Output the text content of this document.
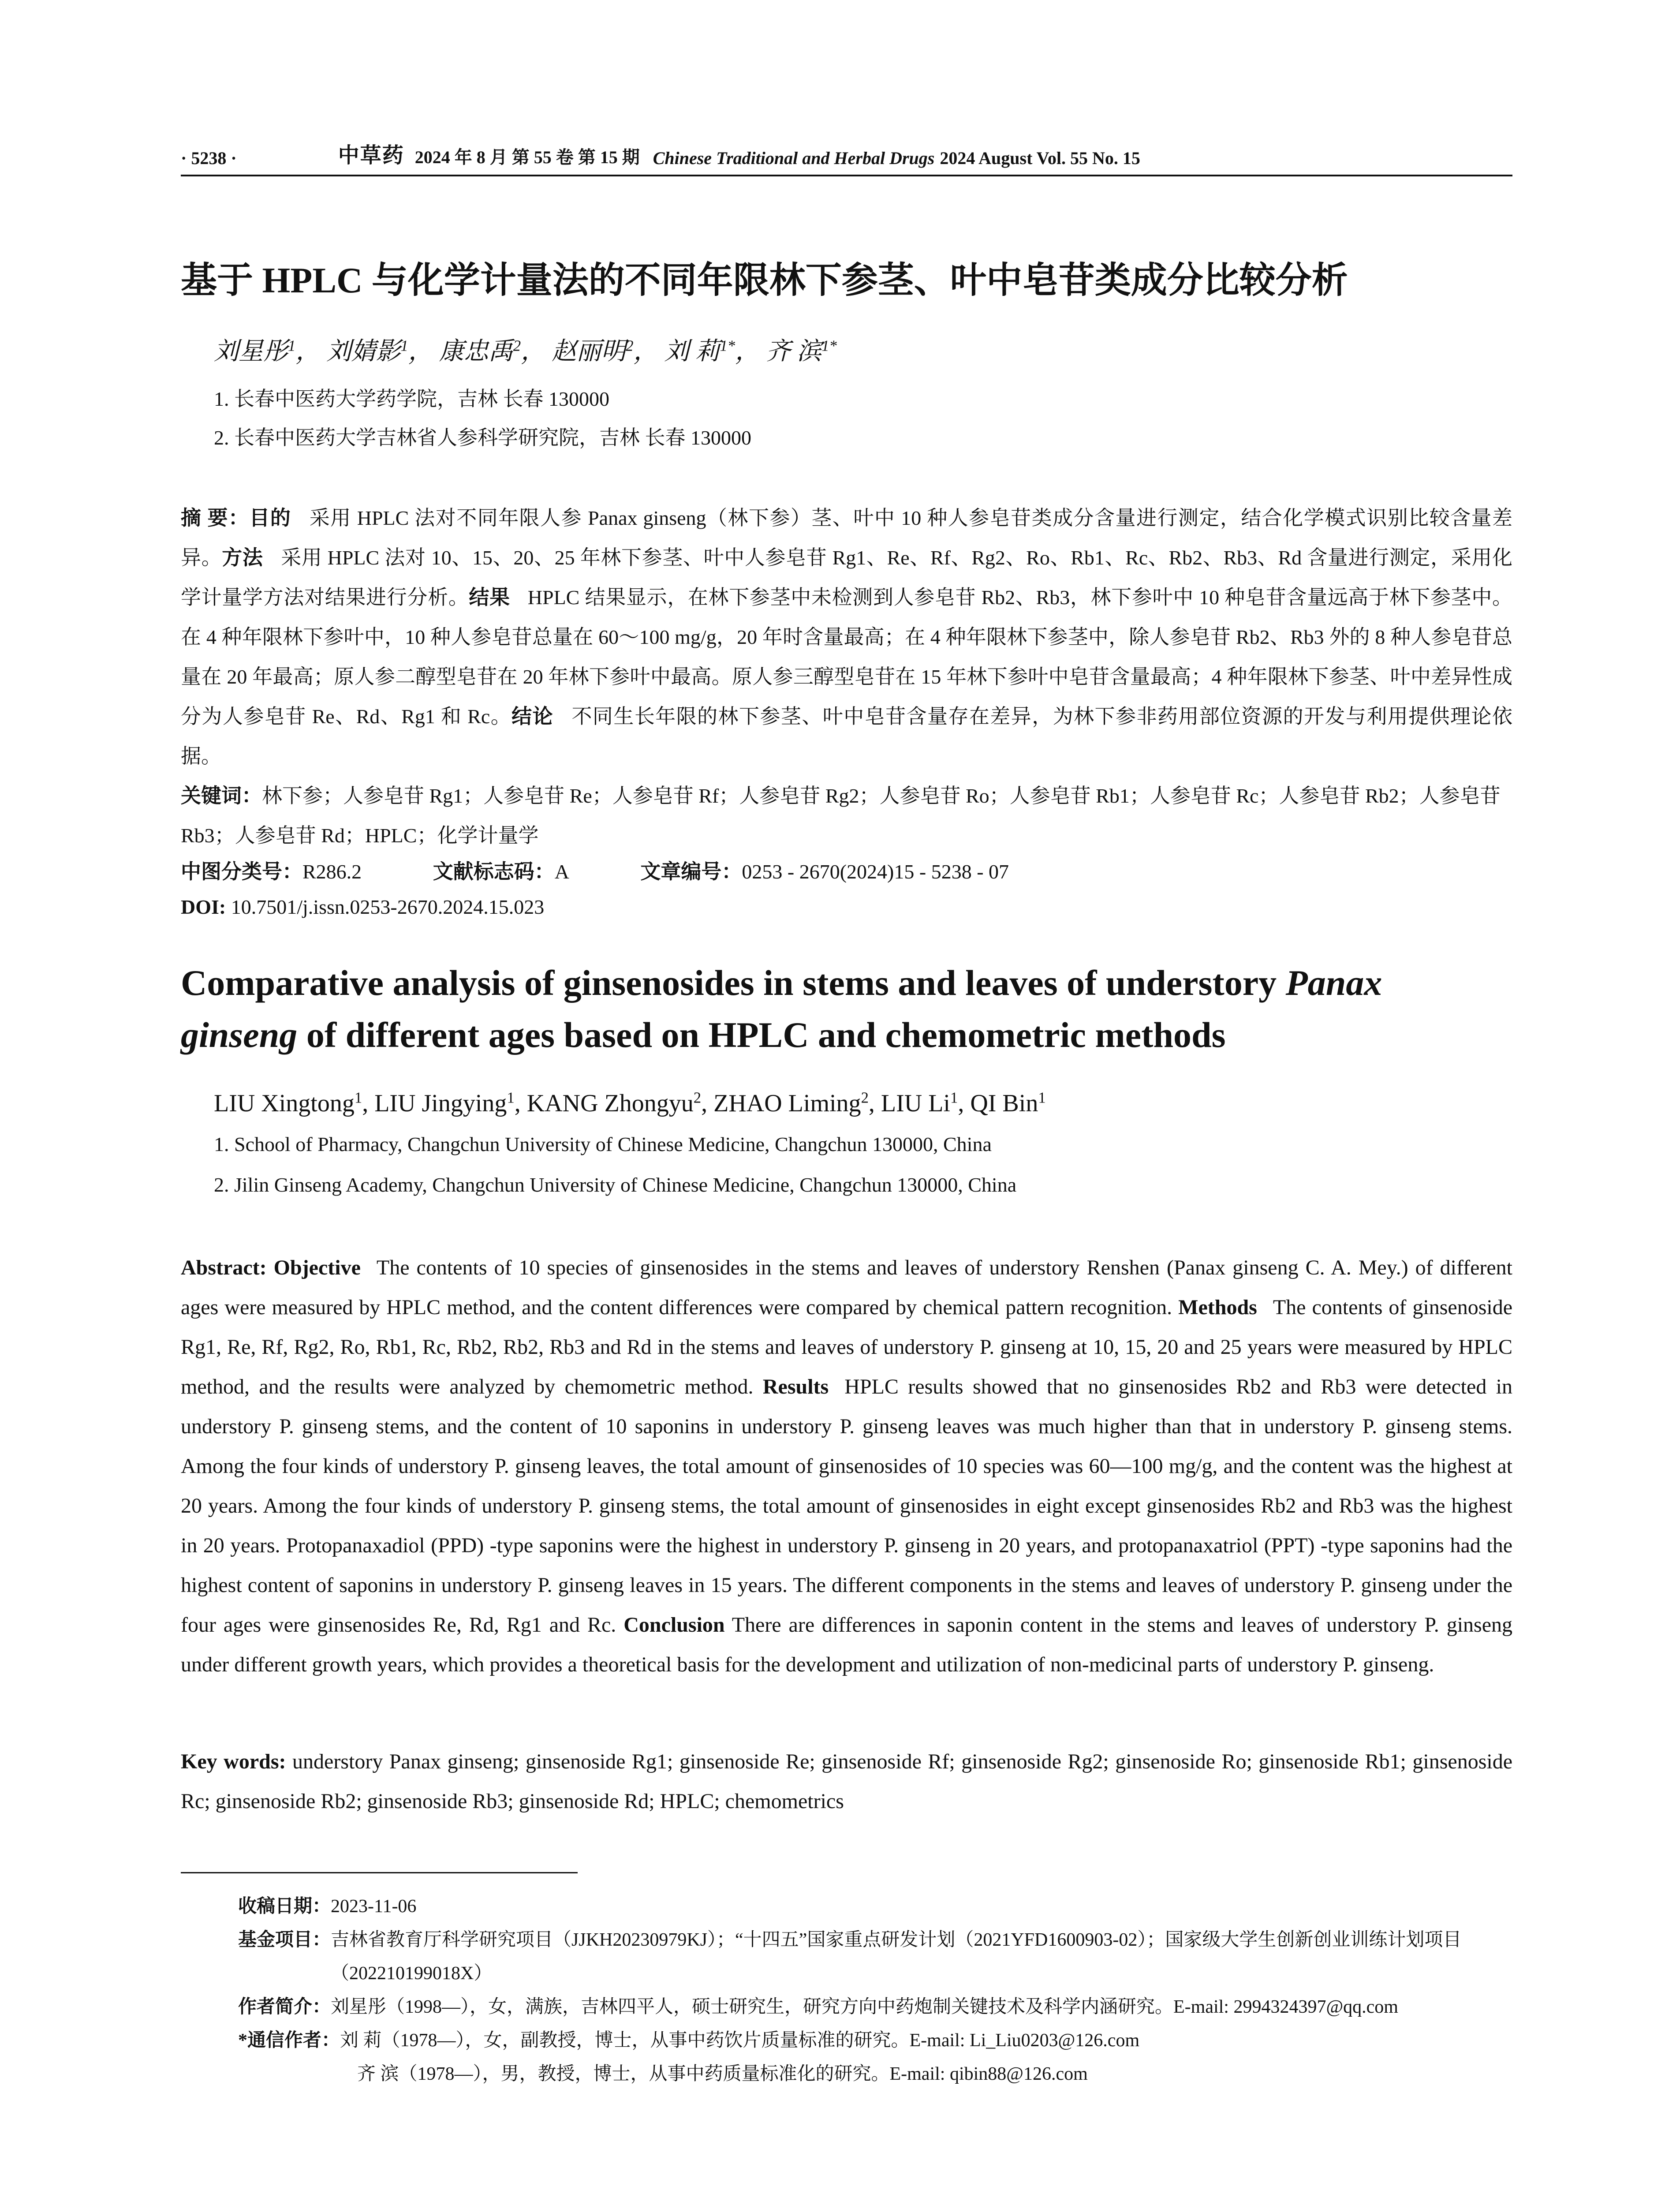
· 5238 ·	中草药 2024 年 8 月 第 55 卷 第 15 期 Chinese Traditional and Herbal Drugs 2024 August Vol. 55 No. 15
基于 HPLC 与化学计量法的不同年限林下参茎、叶中皂苷类成分比较分析
刘星彤$^1$， 刘婧影$^1$， 康忠禹$^2$， 赵丽明$^2$， 刘 莉$^{1*}$， 齐 滨$^{1*}$
1. 长春中医药大学药学院，吉林 长春 130000
2. 长春中医药大学吉林省人参科学研究院，吉林 长春 130000
摘 要：目的 采用 HPLC 法对不同年限人参 Panax ginseng（林下参）茎、叶中 10 种人参皂苷类成分含量进行测定，结合化学模式识别比较含量差异。方法 采用 HPLC 法对 10、15、20、25 年林下参茎、叶中人参皂苷 Rg1、Re、Rf、Rg2、Ro、Rb1、Rc、Rb2、Rb3、Rd 含量进行测定，采用化学计量学方法对结果进行分析。结果 HPLC 结果显示，在林下参茎中未检测到人参皂苷 Rb2、Rb3，林下参叶中 10 种皂苷含量远高于林下参茎中。在 4 种年限林下参叶中，10 种人参皂苷总量在 60～100 mg/g，20 年时含量最高；在 4 种年限林下参茎中，除人参皂苷 Rb2、Rb3 外的 8 种人参皂苷总量在 20 年最高；原人参二醇型皂苷在 20 年林下参叶中最高。原人参三醇型皂苷在 15 年林下参叶中皂苷含量最高；4 种年限林下参茎、叶中差异性成分为人参皂苷 Re、Rd、Rg1 和 Rc。结论 不同生长年限的林下参茎、叶中皂苷含量存在差异，为林下参非药用部位资源的开发与利用提供理论依据。
关键词：林下参；人参皂苷 Rg1；人参皂苷 Re；人参皂苷 Rf；人参皂苷 Rg2；人参皂苷 Ro；人参皂苷 Rb1；人参皂苷 Rc；人参皂苷 Rb2；人参皂苷 Rb3；人参皂苷 Rd；HPLC；化学计量学
中图分类号：R286.2	文献标志码：A	文章编号：0253 - 2670(2024)15 - 5238 - 07
DOI: 10.7501/j.issn.0253-2670.2024.15.023
Comparative analysis of ginsenosides in stems and leaves of understory Panax
ginseng of different ages based on HPLC and chemometric methods
LIU Xingtong$^1$, LIU Jingying$^1$, KANG Zhongyu$^2$, ZHAO Liming$^2$, LIU Li$^1$, QI Bin$^1$
1. School of Pharmacy, Changchun University of Chinese Medicine, Changchun 130000, China
2. Jilin Ginseng Academy, Changchun University of Chinese Medicine, Changchun 130000, China
Abstract: Objective The contents of 10 species of ginsenosides in the stems and leaves of understory Renshen (Panax ginseng C. A. Mey.) of different ages were measured by HPLC method, and the content differences were compared by chemical pattern recognition. Methods The contents of ginsenoside Rg1, Re, Rf, Rg2, Ro, Rb1, Rc, Rb2, Rb2, Rb3 and Rd in the stems and leaves of understory P. ginseng at 10, 15, 20 and 25 years were measured by HPLC method, and the results were analyzed by chemometric method. Results HPLC results showed that no ginsenosides Rb2 and Rb3 were detected in understory P. ginseng stems, and the content of 10 saponins in understory P. ginseng leaves was much higher than that in understory P. ginseng stems. Among the four kinds of understory P. ginseng leaves, the total amount of ginsenosides of 10 species was 60—100 mg/g, and the content was the highest at 20 years. Among the four kinds of understory P. ginseng stems, the total amount of ginsenosides in eight except ginsenosides Rb2 and Rb3 was the highest in 20 years. Protopanaxadiol (PPD) -type saponins were the highest in understory P. ginseng in 20 years, and protopanaxatriol (PPT) -type saponins had the highest content of saponins in understory P. ginseng leaves in 15 years. The different components in the stems and leaves of understory P. ginseng under the four ages were ginsenosides Re, Rd, Rg1 and Rc. Conclusion There are differences in saponin content in the stems and leaves of understory P. ginseng under different growth years, which provides a theoretical basis for the development and utilization of non-medicinal parts of understory P. ginseng.
Key words: understory Panax ginseng; ginsenoside Rg1; ginsenoside Re; ginsenoside Rf; ginsenoside Rg2; ginsenoside Ro; ginsenoside Rb1; ginsenoside Rc; ginsenoside Rb2; ginsenoside Rb3; ginsenoside Rd; HPLC; chemometrics
收稿日期： 2023-11-06
基金项目： 吉林省教育厅科学研究项目（JJKH20230979KJ）；“十四五”国家重点研发计划（2021YFD1600903-02）；国家级大学生创新创业训练计划项目（202210199018X）
作者简介： 刘星彤（1998—），女，满族，吉林四平人，硕士研究生，研究方向中药炮制关键技术及科学内涵研究。E-mail: 2994324397@qq.com
*通信作者： 刘 莉（1978—），女，副教授，博士，从事中药饮片质量标准的研究。E-mail: Li_Liu0203@126.com
齐 滨（1978—），男，教授，博士，从事中药质量标准化的研究。E-mail: qibin88@126.com
